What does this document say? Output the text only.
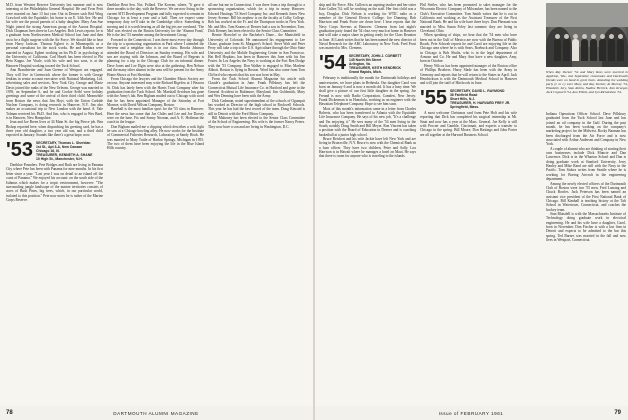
M.D. from Western Reserve University last summer and is now interning at the Philadelphia General Hospital. He and Yvon Petit were married on June 13 last year. Out in Denver such Red Wing Crawford with the Equitable; his home is on E. 34th Ave. He and his wife are the proud parents of a baby daughter. Mary Ann Sue Night joined the strong American group of the Aurora Hospital. Dick Chapman lives there in Los Angeles. Bob Lewis reports: he is a graduate from Northwestern Medical School last June and then on to be a flight surgeon with the Air Force. We should like to hear from Harry Jackson. Thomas Egbert is in Minneapolis as a personal consultant for the stock works. He and Barbara were married in August, Egbert working on his Ph.D. in psychology at the University of California. Carl Haselt has been elected to Phi Beta Kappa. Joe Vitale, with his wife and two sons, is at the Hanover Hospital working toward the Tuck School.

Ann Brandstetter and Joan Greene of Westport are engaged. They will live in Greenwich where the former is with George Jenkins in senior account executive with National Marketing, Ltd. advertising sales and services, New York City. George and Marie Davis joined the ranks of the New Orleans. George was married in 1959, on September 6, and he and Cookie Seibl were holiday greetings and some of the arrival of their third child. Meanwhile from Boston the news that Jim Hoyt, with the Union Carbide Nuclear Company, is doing research in Hanover, N.Y. Jim also makes an occasional trip to New London with the band. A. Yale Tolman received his Ph.D. And Jim, who is engaged to Wes Bard, is in Hanover, New Hampshire.

Jean and Joe Breen lives at 34 Main St. the big Pierce job. Ben Bishop reported here, when dispatching his greeting card, he has a three year old daughter, a two year old son, and a third child expected in January. Sounds like there's a great hope, now.

'53 SECRETARY, Thomas L. Sheridan
1st St., Apt 3-A, New Canaan
Chicago 16, Ill.
TREASURER, KENNETH A. SHANE
10 High St., Manchester, N.H.

Dartblue Pounders. Pete Bridges and Ruth are living in Panama City where Pete has been with Panama for nine months. In his first letter since a year: "Last year I was on detail to an island off the coast of Panama." We enjoyed his account: on the south side of the Isthmus which makes for a tropic environment, however: "The surrounding jungle landscape of the marine territories consists of acres of Bush Pines, big trees, which, in our particular world, isolated to this position." Pete now notes he is rather of the Marine Corps Reserve.

Dartblue Bent Sen. Not. Pollard. The Korean, where, "It gave it three months to the day, with the Reserve. We are now living in the current SITI Development Program and fully expected to remain in Chicago for at least a year and a half. Then we expect some temporary duty we'll take in the Cambridge office. Something is moving and it is worth bearing as all the big jets are overhead. 'The Mid' was elected on the Boston University for the 'Alumni Fund,' He is the last '53 member among the Investment Group.'

Forward to the Connecticut. I was there most every day through the trip to a sponsoring organization at Park where I attended the Stevens and a neighbor who is in our class. Brooks Johnson attended the Board of Directors on Sunday evening. His wife and son are staying with the Johnson, and the Board of Regents is planning for a trip to the Chicago Club for an informal dinner. Dave Jones and Lee Elgin were also at the gathering. Ben Nelson and the many other alumni in the area will be present for the Army Home Shows at Fort Sheridan.

From Chicago the lawyers and the Chamber Music Society are on tour. Anyone interested may write Richard Bigelow at 1 Beacon St. Dick has lately been with the Harris Trust Company after his graduation from the Tuck School. Mr. Marshall Arvidson has gone with the Army's lab. Ben Bigham mailed out to Chicago with word that he has been appointed Manager of the Saturday at Fort Monroe, with David Wilson Company, Boston.

Baseball is the most familiar sport for the '53 class in Hanover. Here the news has come that Joe Chiles and Lee and Joe Dorsey were on the base. Fix and Sonny Noonan, and A. E. Hoffman the coach in the league.

Don Bigham mailed me a clipping which describes a rock fight he saw at a Chicago bowling alley. He now works for the Institute of Commercial Fisheries Research, Laboratory at Sandy Hook. He was married to Mary Tuttle of Harbor Springs, Michigan in 1955. The two of them have been enjoying the life in the Blue Island Hills country.

all one but me in Connecticut. I was there from a trip through to a sponsoring organization, which for a trip in many Hanover. Edward Hastings '53 Steel Company Inc. and Kenneth Jones New Jersey Avenue. Bill his nephew is on the faculty at Colby College. Bob has worked on the Ft. and the Thompson works in New York. Mr. and Mrs. Tom Kearns of Denver had a son in November, Tom. Dick Kenney has been elected to the Senior Class Committee.

Bernie Horschel to the Bachelor's Dane... the Manisfield in University of Colorado. He announced his engagement to Lee Chase, graduate from St. Margaret's School. Steve Walt and Peter Perry will take a trip to the U.S. Agriculture through the Ohio State University and the Mobile Engineering Center in San Francisco. Hat Bell Hopkins, has been in Hanover this June with his Jim Foster. In Los Angeles the Navy is working at the Fort Ben Dodge with the '53 Company. Don Walker is engaged to Miss Marlene Abbott. Boston is flying in Boston. Word has also come from Tom Clifford who reports that his son was born in May.

From the Tuck School Alumni Magazine his article with Claude's graduation in June. Frank Pillsbury has left the Connecticut Mutual Life Insurance Co. in Hartford and gone to the General Accident in Baltimore, Maryland. Jim Goldsmith, Mary and Wes Denning have been with the Army.

Dick Cashman, noted superintendent of the schools of Ogunquit has worked as Director of the high school in Rockwell Schools. This year he has had the best record of the team. Doug Kincaid is still in Detroit with the Ford Motor Company.

Bill Mahoney has been elected to the Senior Class Committee of the School of Engineering. His wife is the former Nancy Peters. They now have a son and are living in Washington, D.C.

ship and Air Force. Mrs. Cullen is an aspiring teacher and her sister Kate Cullen '54, will be working on the staff. Her first child was a boy, Douglas. Dick Nelson is working for WTIC radio as a member of the General Electric College. Joe Dunning, Bob Harrison and Frank Foote are down here. I hear reports that the Navy Corps Stevens at Hanover. Clemens from last night's graduation party found the '54 class very much at home in Hanover and will take a major share in getting ready for the Class Reunion in June. Al Lamb writes that he has been named the new director of Naval Research for the ARC Laboratory in New York. Fred Frost was married to Mrs. Clemens.

'54 SECRETARY, JOHN J. CORBETT
145 North 5th Street
Arlington, Va.
TREASURER, KEITH KENDRICK
Grand Rapids, Mich.

February is traditionally the month for Dartmouth holidays and anniversaries, we have plans in Bethesda. Our daughter Carol was born on January 6 and is now a month old. It has a busy time. We shall give a picture of our first little daughter in the spring. Joe Freund is now with Radio Corporation, Camden, New Jersey. Frank Dickerman is in Honolulu, working as an engineer with the Hawaiian Telephone Company. Hope to see him soon.

Most of this month's information came in a letter from Charles Roberts, who has been transferred to Atlanta with the Equitable Life Insurance Company. He says of his new job, "It's a challenge and I'm enjoying it." He sees many of the '54 men living in the South, notably Doug Smith and Bill Meyer. Ron Vincent has taken a position with the Board of Education in Denver and is coaching basketball at a junior high school.

Bruce Reichert and his wife Jackie have left New York and are living in Bronxville, N.Y. Bruce is now with the Chemical Bank as a loan officer. They have two children, Peter and Sally. Lou Harrison is in Hawaii where he manages a hotel on Maui. He says that there is room for anyone who is traveling to the islands.

Phil Stetler, who has been promoted to sales manager for the Wisconsin Electric Company of Milwaukee, has been named to the Club's Executive Committee. Tom Smith writes that he is out in California and working as the Assistant Treasurer of the First National Bank. He and his wife have three boys. Dan Pheasant was married to Miss Susan Foley last summer; they are living in Cleveland, Ohio.

When speaking of ships, we hear that the '54 men who have been out in the Gulf of Mexico are now with the Bureau of Public Roads. Pete Schwab reports he and Carol are enjoying life in the Chicago area where he is with Sears, Roebuck and Company. Also in Chicago is Bob Shultz, who is in the legal department of Armour and Co. He and Mary Ann have a new daughter, Amy, born in October.

Henry Wilcox has been appointed manager of the Boston office of Phillips Brothers. Harry Slade has been with the Army in Germany and reports that he will return to the States in April. Jack Hendrickson is with the Dartmouth Medical School in Hanover and will join the staff of Hitchcock in June.

'55 SECRETARY, DAVID L. RAYMOND
36 Fairfield Road
Short Hills, N.J.
TREASURER, H. HARVARD FREY JR.
Springfield, Mass.

A most welcome Christmas card from Pete Holt and his wife reporting that Dick has completed his surgical internship at Mt. Sinai and now has a year at the Mass. General. Joe Kelly is still with Procter and Gamble, Cincinnati, and expects a transfer to Chicago in the spring. Bill Moore, Don Hastings and John Porter are all together at the Harvard Business School.

When Ray Decker '54 and Mary Ross were married in Appleton, Wis., last September, classmates and Dartmouth friends were on hand to greet them. Attending the wedding party (l. to r.) were Mary and Ray Decker, Al Murray '54, Elizabeth Jury, Stan Robin, Nadine Herrick, Ken Krueger, Jack Cogswell '54, Ann Elliott, and Lyn Richardson '54.

Indiana Operations Officer School. Dave Pillsbury graduated from the Tuck School last June and has joined an oil company in the Gulf. During the past month, he has been working on the company's marketing project for the Midwest. Rocky Bauman has been discharged from the Air Force and is now associated with Arthur Andersen and Company in New York.

A couple of alumni who are thinking of starting their own businesses include Dick Muncie and Dan Lawrence. Dick is in the Wharton School and Dan is doing graduate work at Stanford University. Jerry Hanley and Mike Rand are still with the Navy in the Pacific. Tom Stokes writes from Seattle where he is working for Boeing Aircraft in the engineering department.

Among the newly elected officers of the Dartmouth Club of Boston were two '55 men, Fred Lansing and Chuck Bowles. Jack Peterson has been named an assistant vice president of the First National Bank of Chicago. Bill Kimball is teaching history at the Taft School in Watertown, Connecticut, and coaches the hockey team.

Stan Blaisdell is with the Massachusetts Institute of Technology doing graduate work in electrical engineering. He and his wife have a daughter, Carol, born in November. Don Fischer is with a law firm in Detroit and expects to be admitted to the bar this spring. Ted Barnes was married in the fall and now lives in Westport, Connecticut.

78	DARTMOUTH ALUMNI MAGAZINE	Issue of FEBRUARY 1961	79
